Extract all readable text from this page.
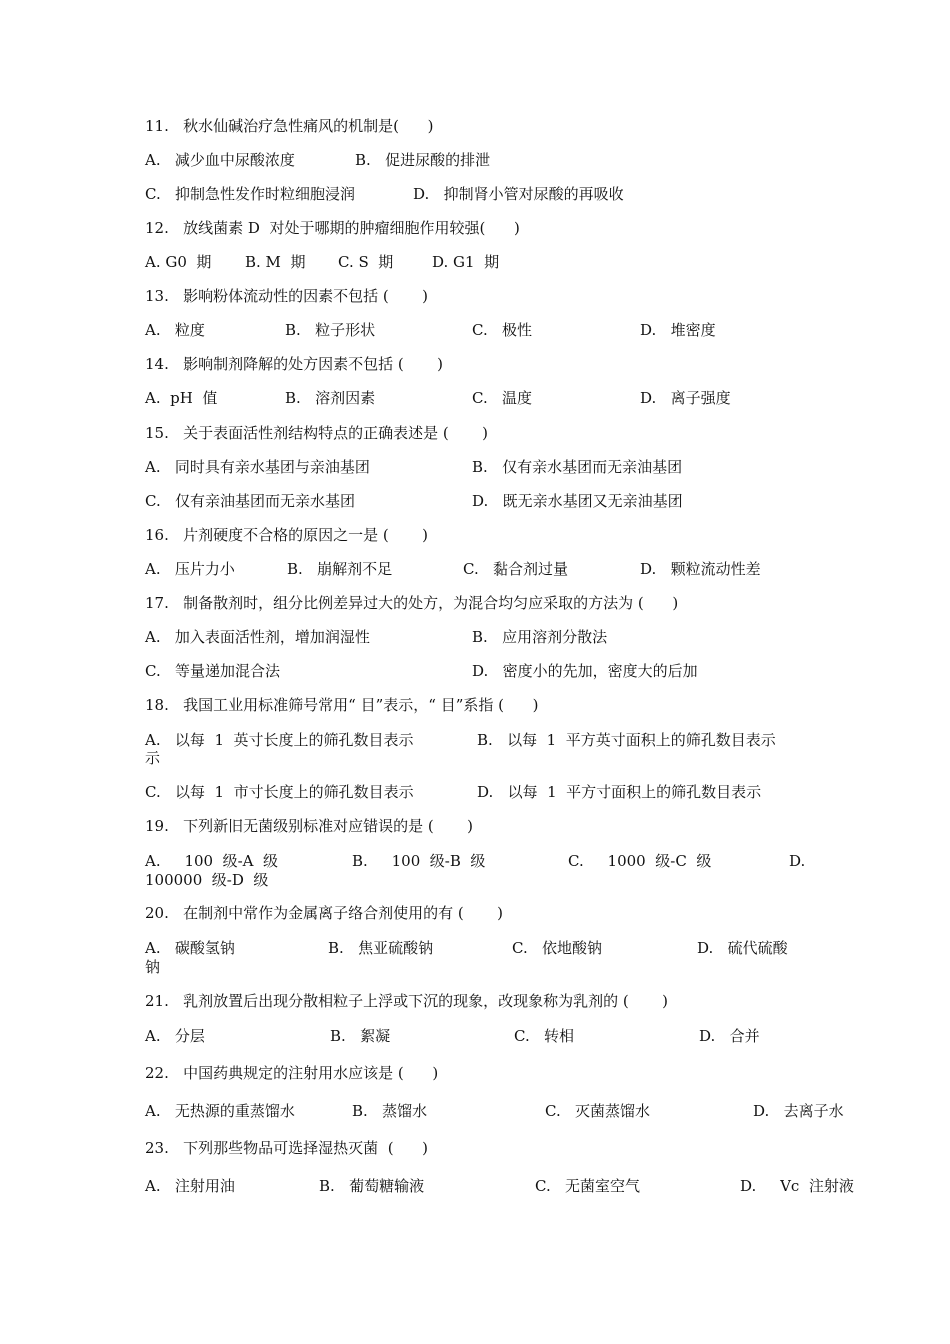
11.   秋水仙碱治疗急性痛风的机制是(      )
A.   减少血中尿酸浓度	B.   促进尿酸的排泄
C.   抑制急性发作时粒细胞浸润	D.   抑制肾小管对尿酸的再吸收
12.   放线菌素 D  对处于哪期的肿瘤细胞作用较强(      )
A. G0  期 B. M  期 C. S  期	D. G1  期
13.   影响粉体流动性的因素不包括 (       )
A.   粒度	B.   粒子形状	C.   极性	D.   堆密度
14.   影响制剂降解的处方因素不包括 (       )
A.  pH  值	B.   溶剂因素	C.   温度	D.   离子强度
15.   关于表面活性剂结构特点的正确表述是 (       )
A.   同时具有亲水基团与亲油基团	B.   仅有亲水基团而无亲油基团
C.   仅有亲油基团而无亲水基团	D.   既无亲水基团又无亲油基团
16.   片剂硬度不合格的原因之一是 (       )
A.   压片力小	B.   崩解剂不足	C.   黏合剂过量	D.   颗粒流动性差
17.   制备散剂时，组分比例差异过大的处方，为混合均匀应采取的方法为 (      )
A.   加入表面活性剂，增加润湿性	B.   应用溶剂分散法
C.   等量递加混合法	D.   密度小的先加，密度大的后加
18.   我国工业用标准筛号常用“ 目”表示，“ 目”系指 (      )
A.   以每  1  英寸长度上的筛孔数目表示	B.   以每  1  平方英寸面积上的筛孔数目表示
示
C.   以每  1  市寸长度上的筛孔数目表示	D.   以每  1  平方寸面积上的筛孔数目表示
19.   下列新旧无菌级别标准对应错误的是 (       )
A.     100  级-A  级	B.     100  级-B  级	C.     1000  级-C  级	D.
100000  级-D  级
20.   在制剂中常作为金属离子络合剂使用的有 (       )
A.   碳酸氢钠	B.   焦亚硫酸钠	C.   依地酸钠	D.   硫代硫酸
钠
21.   乳剂放置后出现分散相粒子上浮或下沉的现象，改现象称为乳剂的 (       )
A.   分层	B.   絮凝	C.   转相	D.   合并
22.   中国药典规定的注射用水应该是 (      )
A.   无热源的重蒸馏水	B.   蒸馏水	C.   灭菌蒸馏水	D.   去离子水
23.   下列那些物品可选择湿热灭菌  (      )
A.   注射用油	B.   葡萄糖输液	C.   无菌室空气	D.     Vc  注射液
